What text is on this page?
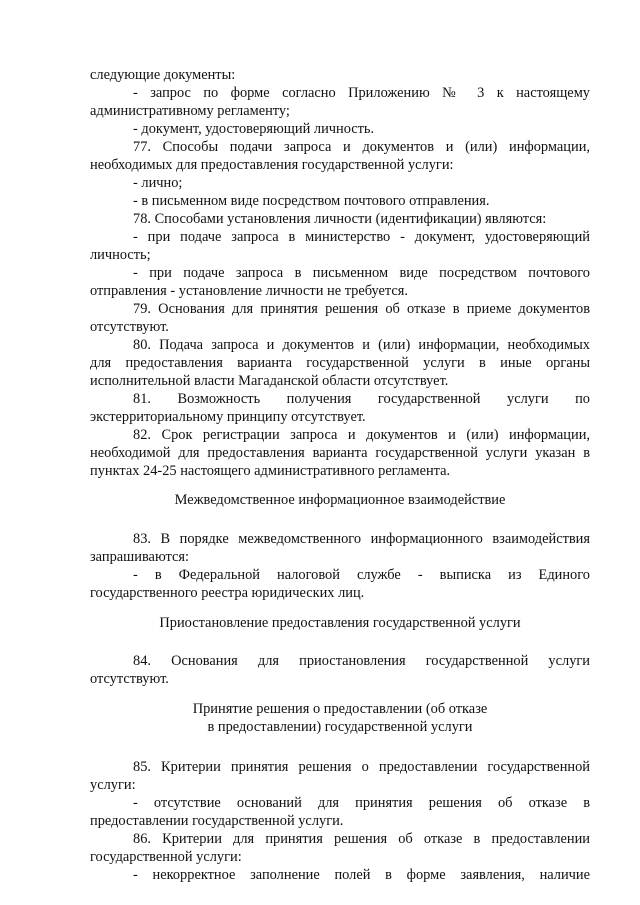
следующие документы:
- запрос по форме согласно Приложению № 3 к настоящему
административному регламенту;
- документ, удостоверяющий личность.
77. Способы подачи запроса и документов и (или) информации,
необходимых для предоставления государственной услуги:
- лично;
- в письменном виде посредством почтового отправления.
78. Способами установления личности (идентификации) являются:
- при подаче запроса в министерство - документ, удостоверяющий
личность;
- при подаче запроса в письменном виде посредством почтового
отправления - установление личности не требуется.
79. Основания для принятия решения об отказе в приеме документов
отсутствуют.
80. Подача запроса и документов и (или) информации, необходимых
для предоставления варианта государственной услуги в иные органы
исполнительной власти Магаданской области отсутствует.
81. Возможность получения государственной услуги по
экстерриториальному принципу отсутствует.
82. Срок регистрации запроса и документов и (или) информации,
необходимой для предоставления варианта государственной услуги указан в
пунктах 24-25 настоящего административного регламента.
Межведомственное информационное взаимодействие
83. В порядке межведомственного информационного взаимодействия
запрашиваются:
- в Федеральной налоговой службе - выписка из Единого
государственного реестра юридических лиц.
Приостановление предоставления государственной услуги
84. Основания для приостановления государственной услуги
отсутствуют.
Принятие решения о предоставлении (об отказе
в предоставлении) государственной услуги
85. Критерии принятия решения о предоставлении государственной
услуги:
- отсутствие оснований для принятия решения об отказе в
предоставлении государственной услуги.
86. Критерии для принятия решения об отказе в предоставлении
государственной услуги:
- некорректное заполнение полей в форме заявления, наличие
